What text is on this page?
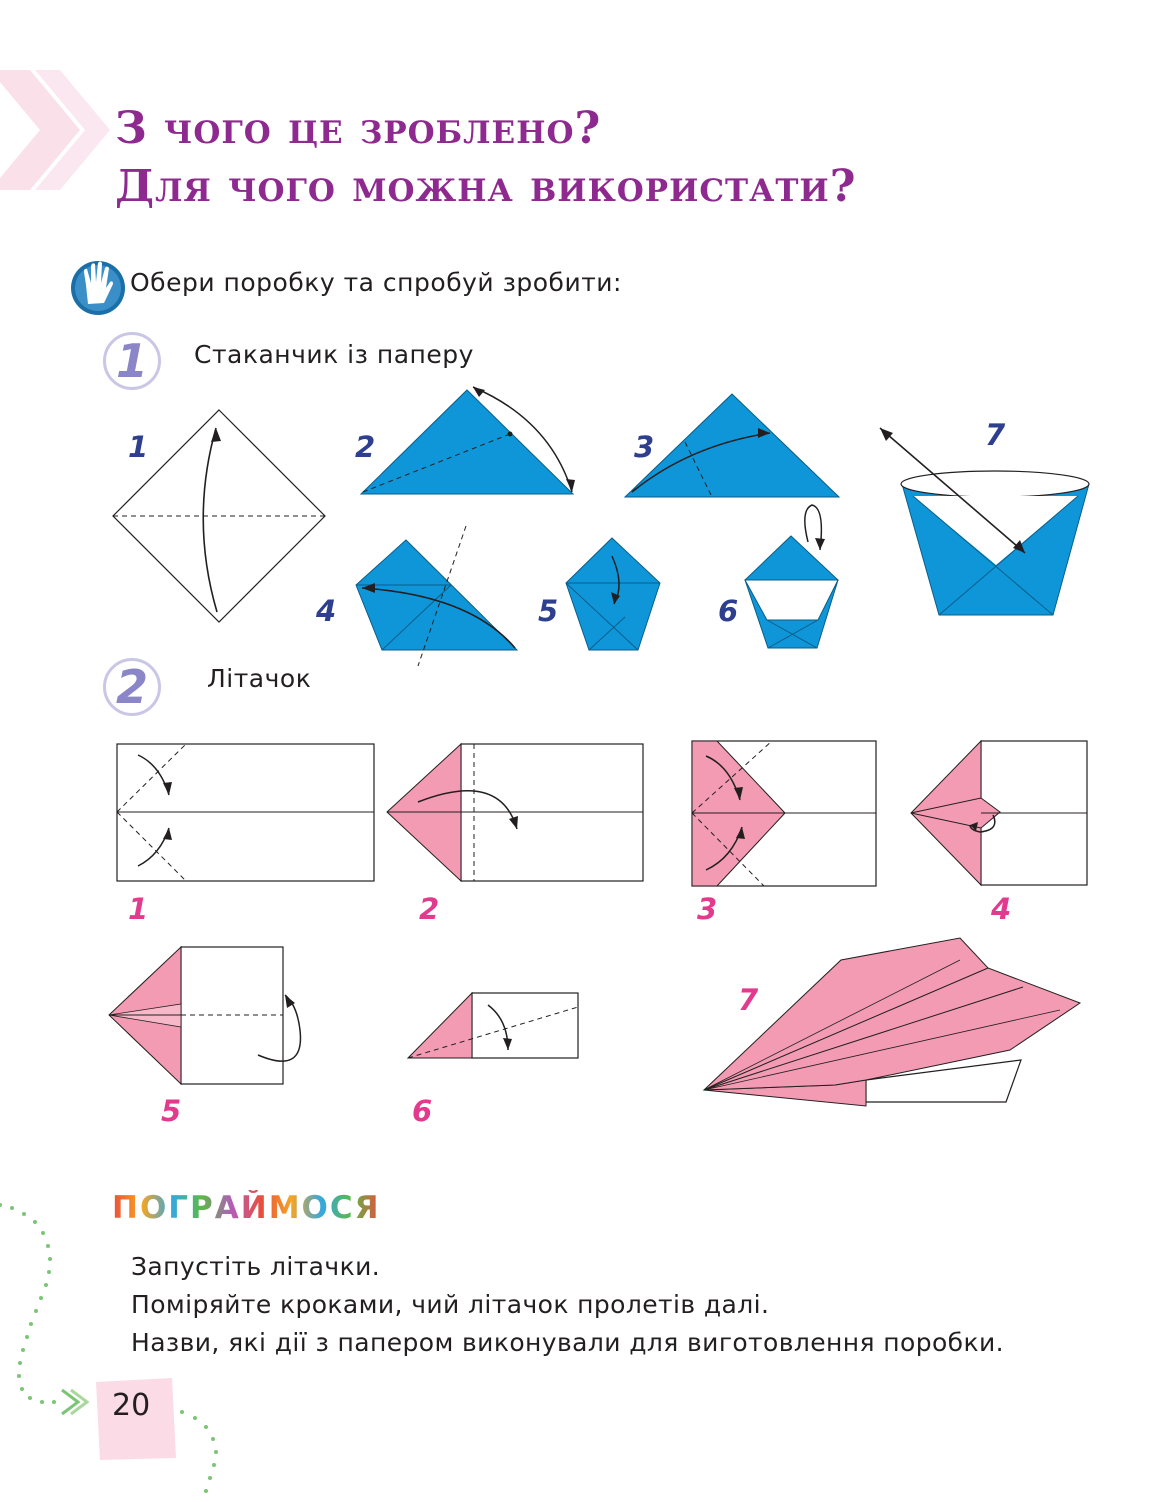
З чого це зроблено?
Для чого можна використати?
Обери поробку та спробуй зробити:
1	Стаканчик із паперу
1	2	3
4	5	6
7
2	Літачок
1	2	3	4
5	6
7
ПОГРАЙМОСЯ
Запустіть літачки.
Поміряйте кроками, чий літачок пролетів далі.
Назви, які дії з папером виконували для виготовлення поробки.
20
